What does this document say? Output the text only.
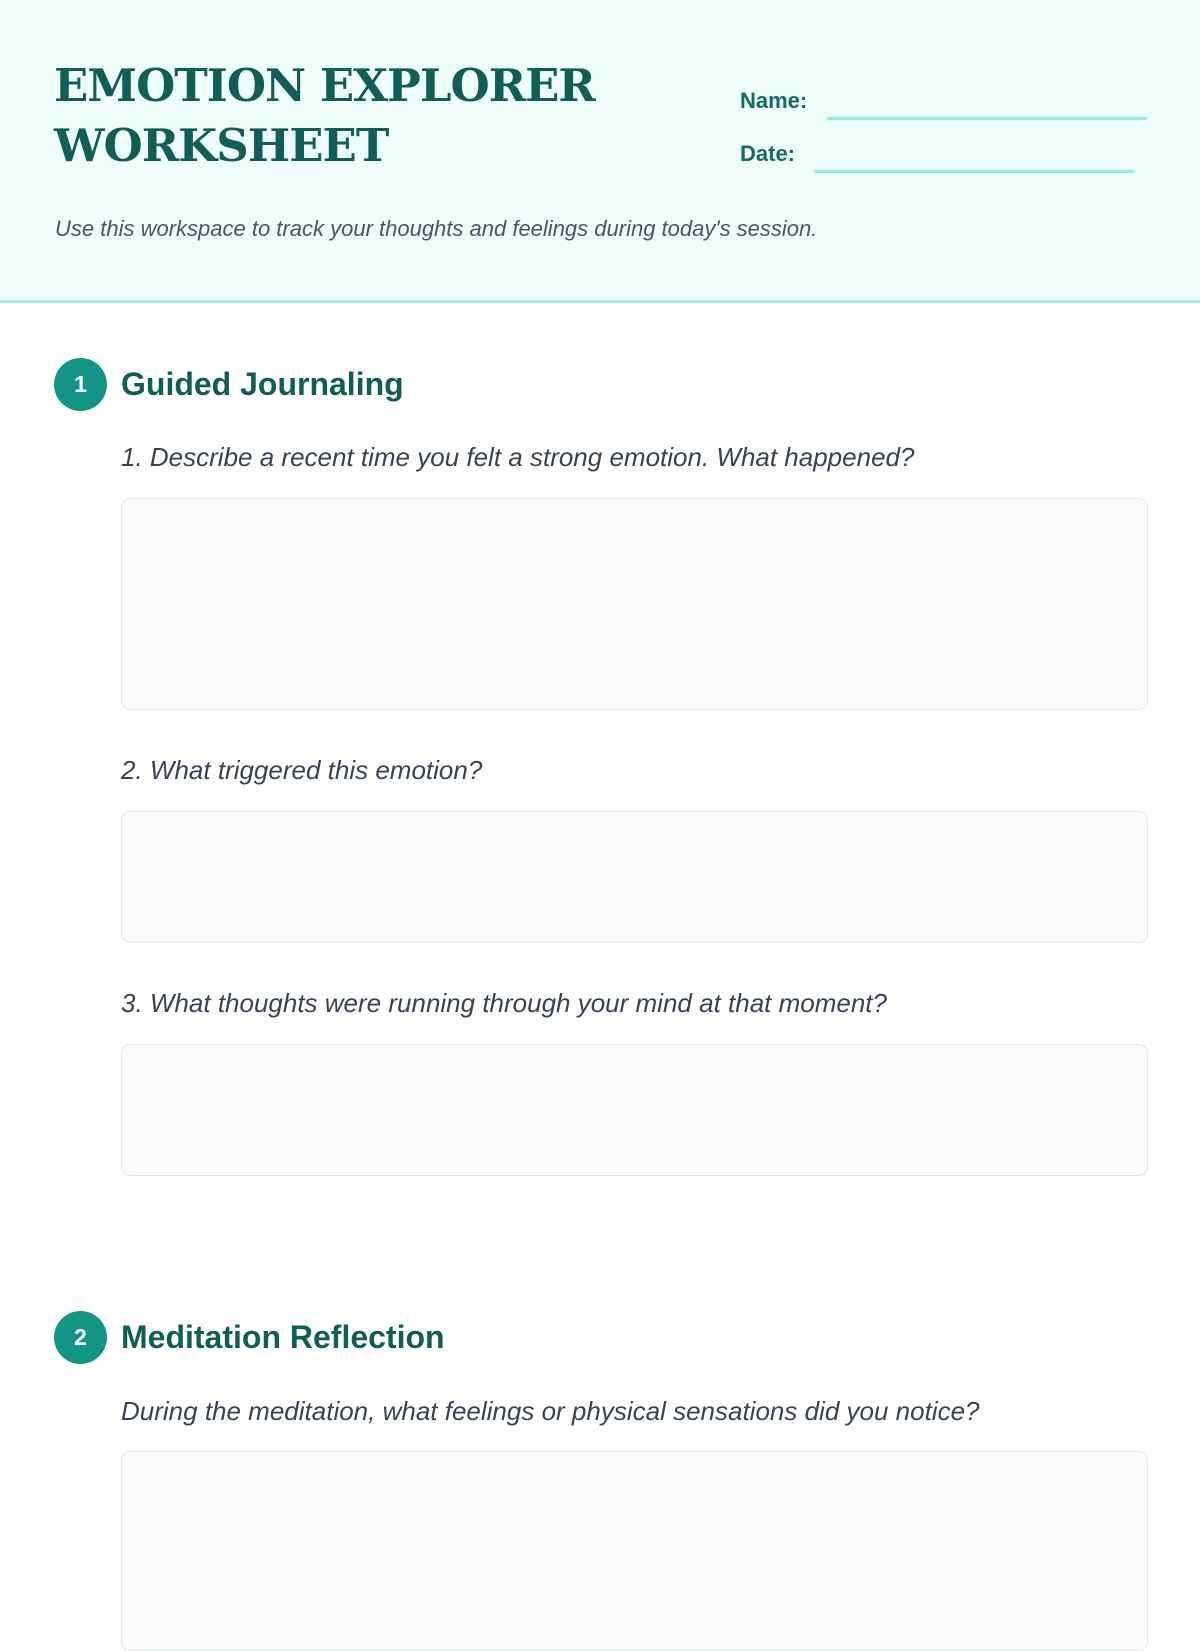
EMOTION EXPLORER
WORKSHEET
Name:
Date:

Use this workspace to track your thoughts and feelings during today's session.

1	Guided Journaling

1. Describe a recent time you felt a strong emotion. What happened?

2. What triggered this emotion?

3. What thoughts were running through your mind at that moment?

2	Meditation Reflection

During the meditation, what feelings or physical sensations did you notice?
